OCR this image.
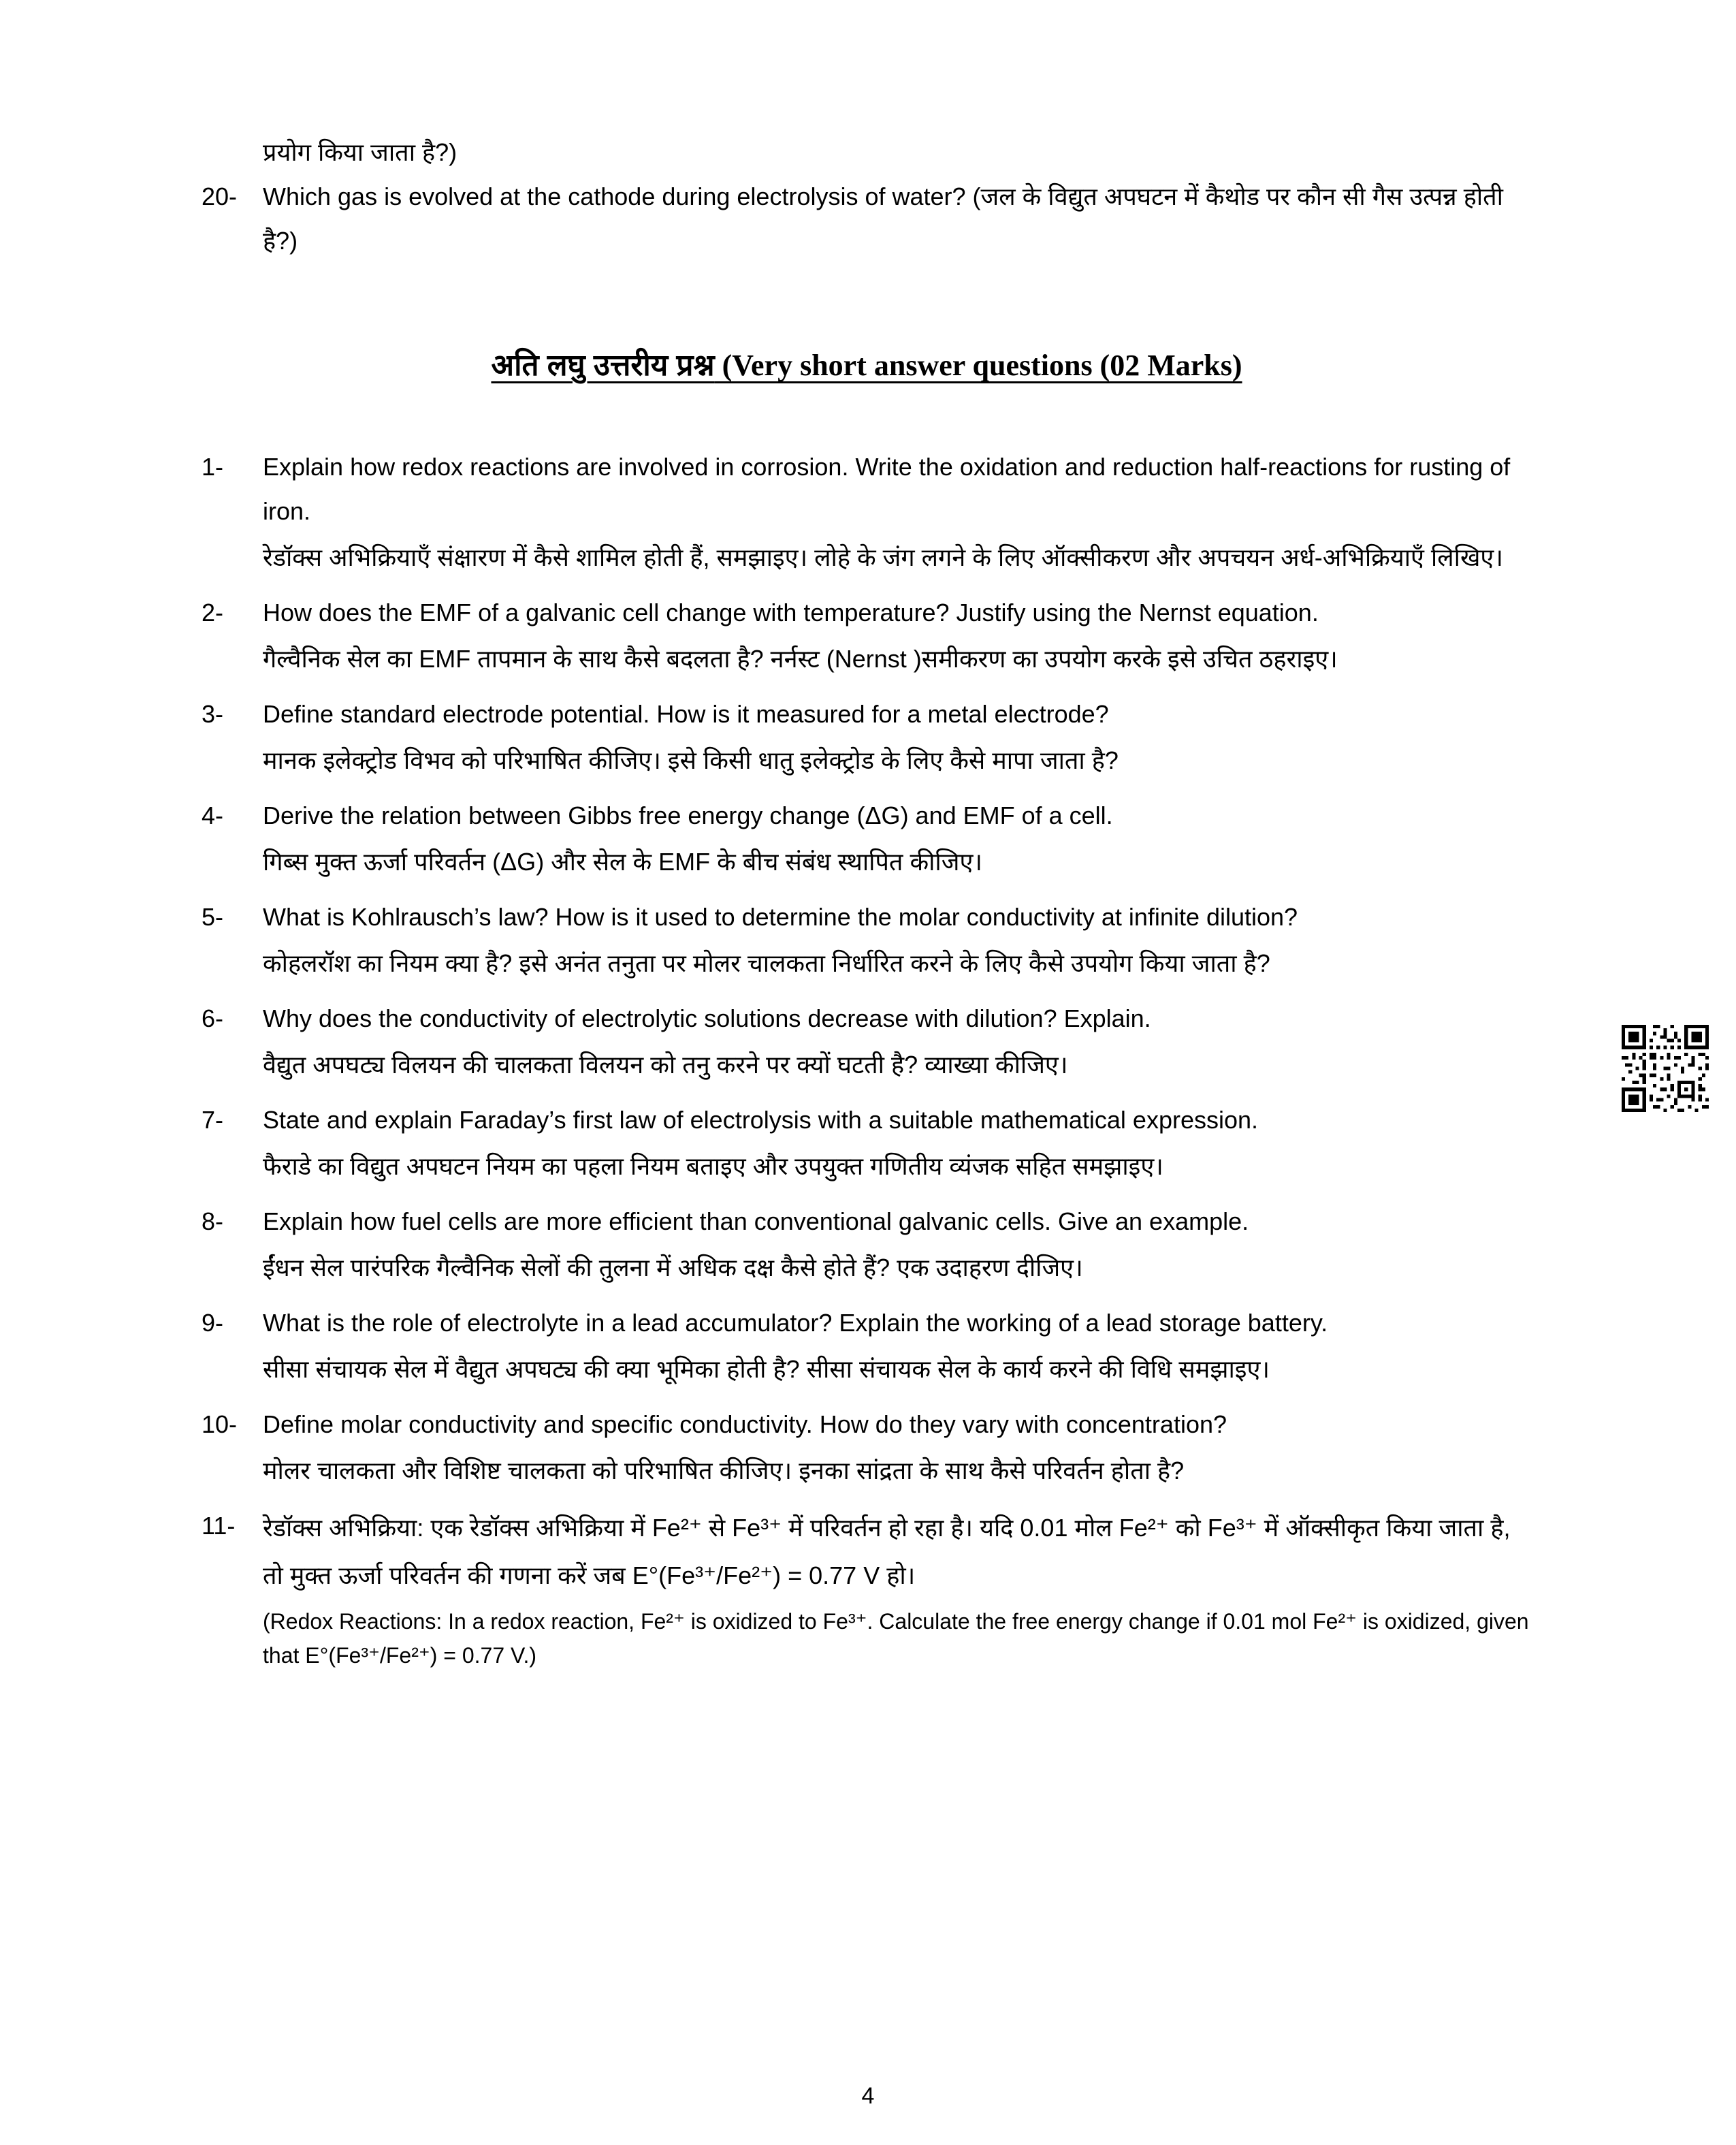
प्रयोग किया जाता है?)

20-	Which gas is evolved at the cathode during electrolysis of water? (जल के विद्युत अपघटन में कैथोड पर कौन सी गैस उत्पन्न होती है?)

अति लघु उत्तरीय प्रश्न (Very short answer questions (02 Marks)
1-	Explain how redox reactions are involved in corrosion. Write the oxidation and reduction half-reactions for rusting of iron.

रेडॉक्स अभिक्रियाएँ संक्षारण में कैसे शामिल होती हैं, समझाइए। लोहे के जंग लगने के लिए ऑक्सीकरण और अपचयन अर्ध-अभिक्रियाएँ लिखिए।

2-	How does the EMF of a galvanic cell change with temperature? Justify using the Nernst equation.

गैल्वैनिक सेल का EMF तापमान के साथ कैसे बदलता है? नर्नस्ट (Nernst )समीकरण का उपयोग करके इसे उचित ठहराइए।

3-	Define standard electrode potential. How is it measured for a metal electrode?

मानक इलेक्ट्रोड विभव को परिभाषित कीजिए। इसे किसी धातु इलेक्ट्रोड के लिए कैसे मापा जाता है?

4-	Derive the relation between Gibbs free energy change (ΔG) and EMF of a cell.

गिब्स मुक्त ऊर्जा परिवर्तन (ΔG) और सेल के EMF के बीच संबंध स्थापित कीजिए।

5-	What is Kohlrausch’s law? How is it used to determine the molar conductivity at infinite dilution?

कोहलरॉश का नियम क्या है? इसे अनंत तनुता पर मोलर चालकता निर्धारित करने के लिए कैसे उपयोग किया जाता है?

6-	Why does the conductivity of electrolytic solutions decrease with dilution? Explain.

वैद्युत अपघट्य विलयन की चालकता विलयन को तनु करने पर क्यों घटती है? व्याख्या कीजिए।

7-	State and explain Faraday’s first law of electrolysis with a suitable mathematical expression.

फैराडे का विद्युत अपघटन नियम का पहला नियम बताइए और उपयुक्त गणितीय व्यंजक सहित समझाइए।

8-	Explain how fuel cells are more efficient than conventional galvanic cells. Give an example.

ईंधन सेल पारंपरिक गैल्वैनिक सेलों की तुलना में अधिक दक्ष कैसे होते हैं? एक उदाहरण दीजिए।

9-	What is the role of electrolyte in a lead accumulator? Explain the working of a lead storage battery.

सीसा संचायक सेल में वैद्युत अपघट्य की क्या भूमिका होती है? सीसा संचायक सेल के कार्य करने की विधि समझाइए।

10-	Define molar conductivity and specific conductivity. How do they vary with concentration?

मोलर चालकता और विशिष्ट चालकता को परिभाषित कीजिए। इनका सांद्रता के साथ कैसे परिवर्तन होता है?

11-	रेडॉक्स अभिक्रिया: एक रेडॉक्स अभिक्रिया में Fe²⁺ से Fe³⁺ में परिवर्तन हो रहा है। यदि 0.01 मोल Fe²⁺ को Fe³⁺ में ऑक्सीकृत किया जाता है, तो मुक्त ऊर्जा परिवर्तन की गणना करें जब E°(Fe³⁺/Fe²⁺) = 0.77 V हो।

(Redox Reactions: In a redox reaction, Fe²⁺ is oxidized to Fe³⁺. Calculate the free energy change if 0.01 mol Fe²⁺ is oxidized, given that E°(Fe³⁺/Fe²⁺) = 0.77 V.)

4
